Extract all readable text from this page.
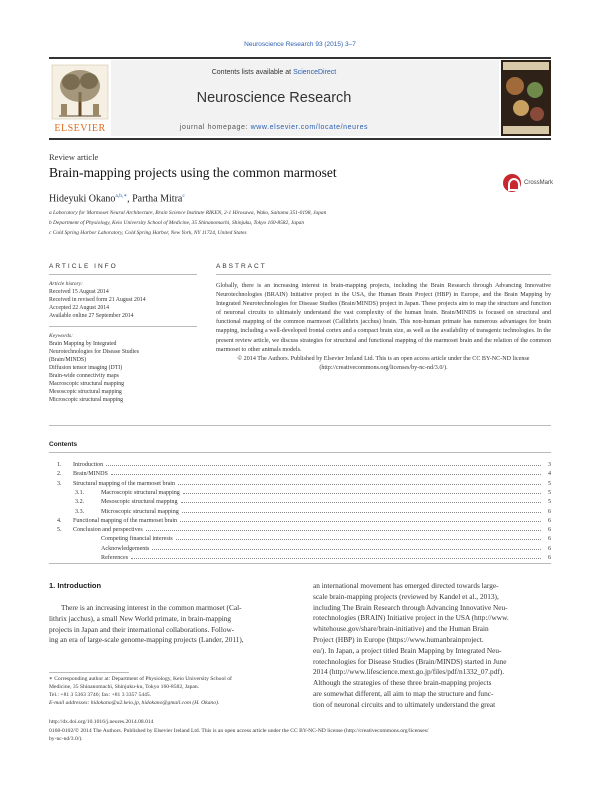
Neuroscience Research 93 (2015) 3–7
Contents lists available at ScienceDirect
Neuroscience Research
journal homepage: www.elsevier.com/locate/neures
ELSEVIER
Review article
Brain-mapping projects using the common marmoset
CrossMark
Hideyuki Okano$^{a,b,∗}$, Partha Mitra$^c$
a Laboratory for Marmoset Neural Architecture, Brain Science Institute RIKEN, 2-1 Hirosawa, Wako, Saitama 351-0198, Japan
b Department of Physiology, Keio University School of Medicine, 35 Shinanomachi, Shinjuku, Tokyo 160-8582, Japan
c Cold Spring Harbor Laboratory, Cold Spring Harbor, New York, NY 11724, United States
ARTICLE INFO	ABSTRACT
Article history:
Received 15 August 2014
Received in revised form 21 August 2014
Accepted 22 August 2014
Available online 27 September 2014
Keywords:
Brain Mapping by Integrated
Neurotechnologies for Disease Studies
(Brain/MINDS)
Diffusion tensor imaging (DTI)
Brain-wide connectivity maps
Macroscopic structural mapping
Mesoscopic structural mapping
Microscopic structural mapping
Globally, there is an increasing interest in brain-mapping projects, including the Brain Research through Advancing Innovative Neurotechnologies (BRAIN) Initiative project in the USA, the Human Brain Project (HBP) in Europe, and the Brain Mapping by Integrated Neurotechnologies for Disease Studies (Brain/MINDS) project in Japan. These projects aim to map the structure and function of neuronal circuits to ultimately understand the vast complexity of the human brain. Brain/MINDS is focused on structural and functional mapping of the common marmoset (Callithrix jacchus) brain. This non-human primate has numerous advantages for brain mapping, including a well-developed frontal cortex and a compact brain size, as well as the availability of transgenic technologies. In the present review article, we discuss strategies for structural and functional mapping of the marmoset brain and the relation of the common marmoset to other animals models.
© 2014 The Authors. Published by Elsevier Ireland Ltd. This is an open access article under the CC BY-NC-ND license (http://creativecommons.org/licenses/by-nc-nd/3.0/).
Contents
1. Introduction	3
2. Brain/MINDS	4
3. Structural mapping of the marmoset brain	5
3.1.	Macroscopic structural mapping	5
3.2.	Mesoscopic structural mapping	5
3.3.	Microscopic structural mapping	6
4. Functional mapping of the marmoset brain	6
5. Conclusion and perspectives	6
Competing financial interests	6
Acknowledgements	6
References	6
1. Introduction
There is an increasing interest in the common marmoset (Cal-
lithrix jacchus), a small New World primate, in brain-mapping
projects in Japan and their international collaborations. Follow-
ing an era of large-scale genome-mapping projects (Lander, 2011),
an international movement has emerged directed towards large-
scale brain-mapping projects (reviewed by Kandel et al., 2013),
including The Brain Research through Advancing Innovative Neu-
rotechnologies (BRAIN) Initiative project in the USA (http://www.
whitehouse.gov/share/brain-initiative) and the Human Brain
Project (HBP) in Europe (https://www.humanbrainproject.
eu/). In Japan, a project titled Brain Mapping by Integrated Neu-
rotechnologies for Disease Studies (Brain/MINDS) started in June
2014 (http://www.lifescience.mext.go.jp/files/pdf/n1332_07.pdf).
Although the strategies of these three brain-mapping projects
are somewhat different, all aim to map the structure and func-
tion of neuronal circuits and to ultimately understand the great
∗ Corresponding author at: Department of Physiology, Keio University School of
Medicine, 35 Shinanomachi, Shinjuku-ku, Tokyo 160-8582, Japan.
Tel.: +81 3 5363 3746; fax: +81 3 3357 5445.
E-mail addresses: hidokano@a2.keio.jp, hidokano@gmail.com (H. Okano).
http://dx.doi.org/10.1016/j.neures.2014.08.014
0168-0102/© 2014 The Authors. Published by Elsevier Ireland Ltd. This is an open access article under the CC BY-NC-ND license (http://creativecommons.org/licenses/
by-nc-nd/3.0/).
